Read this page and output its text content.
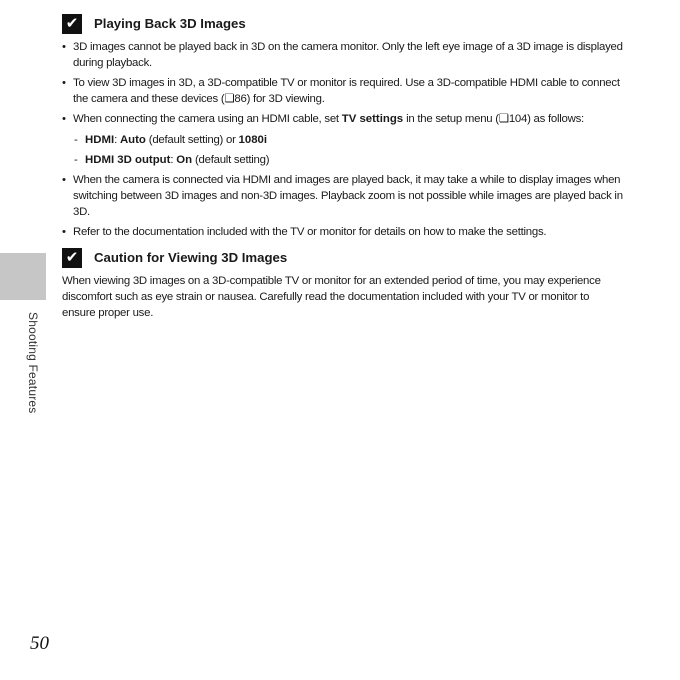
Shooting Features
✔ Playing Back 3D Images
• 3D images cannot be played back in 3D on the camera monitor. Only the left eye image of a 3D image is displayed during playback.
• To view 3D images in 3D, a 3D-compatible TV or monitor is required. Use a 3D-compatible HDMI cable to connect the camera and these devices (❏86) for 3D viewing.
• When connecting the camera using an HDMI cable, set TV settings in the setup menu (❏104) as follows:
- HDMI: Auto (default setting) or 1080i
- HDMI 3D output: On (default setting)
• When the camera is connected via HDMI and images are played back, it may take a while to display images when switching between 3D images and non-3D images. Playback zoom is not possible while images are played back in 3D.
• Refer to the documentation included with the TV or monitor for details on how to make the settings.
✔ Caution for Viewing 3D Images

When viewing 3D images on a 3D-compatible TV or monitor for an extended period of time, you may experience discomfort such as eye strain or nausea. Carefully read the documentation included with your TV or monitor to ensure proper use.

50
